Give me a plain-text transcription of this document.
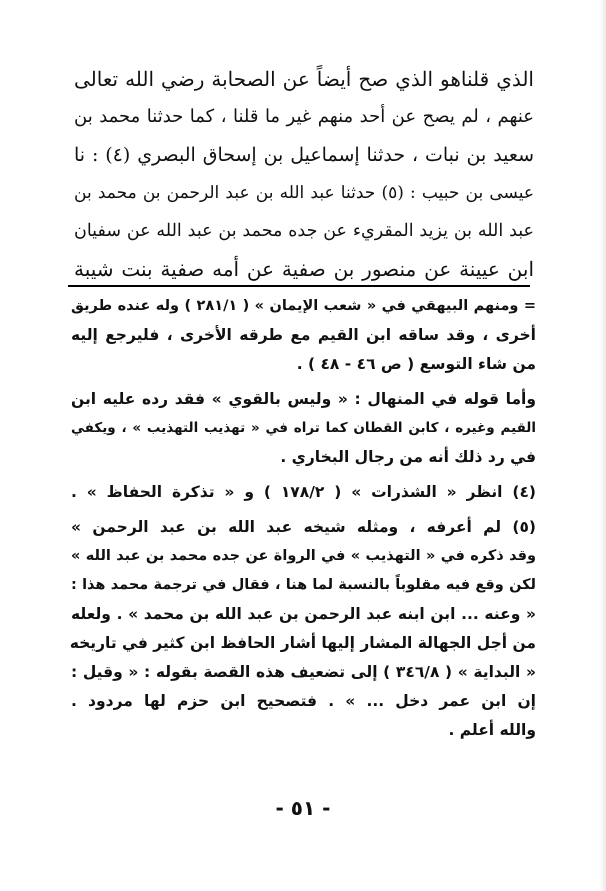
الذي قلناهو الذي صح أيضاً عن الصحابة رضي الله تعالى
عنهم ، لم يصح عن أحد منهم غير ما قلنا ، كما حدثنا محمد بن
سعيد بن نبات ، حدثنا إسماعيل بن إسحاق البصري (٤) : نا
عيسى بن حبيب : (٥) حدثنا عبد الله بن عبد الرحمن بن محمد بن
عبد الله بن يزيد المقريء عن جده محمد بن عبد الله عن سفيان
ابن عيينة عن منصور بن صفية عن أمه صفية بنت شيبة
= ومنهم البيهقي في « شعب الإيمان » ( ٢٨١/١ ) وله عنده طريق
أخرى ، وقد ساقه ابن القيم مع طرقه الأخرى ، فليرجع إليه
من شاء التوسع ( ص ٤٦ - ٤٨ ) .
وأما قوله في المنهال : « وليس بالقوي » فقد رده عليه ابن
القيم وغيره ، كابن القطان كما تراه في « تهذيب التهذيب » ، ويكفي
في رد ذلك أنه من رجال البخاري .
(٤) انظر « الشذرات » ( ١٧٨/٢ ) و « تذكرة الحفاظ » .
(٥) لم أعرفه ، ومثله شيخه عبد الله بن عبد الرحمن »
وقد ذكره في « التهذيب » في الرواة عن جده محمد بن عبد الله »
لكن وقع فيه مقلوباً بالنسبة لما هنا ، فقال في ترجمة محمد هذا :
« وعنه ... ابن ابنه عبد الرحمن بن عبد الله بن محمد » . ولعله
من أجل الجهالة المشار إليها أشار الحافظ ابن كثير في تاريخه
« البداية » ( ٣٤٦/٨ ) إلى تضعيف هذه القصة بقوله : « وقيل :
إن ابن عمر دخل ... » . فتصحيح ابن حزم لها مردود .
والله أعلم .
- ٥١ -
